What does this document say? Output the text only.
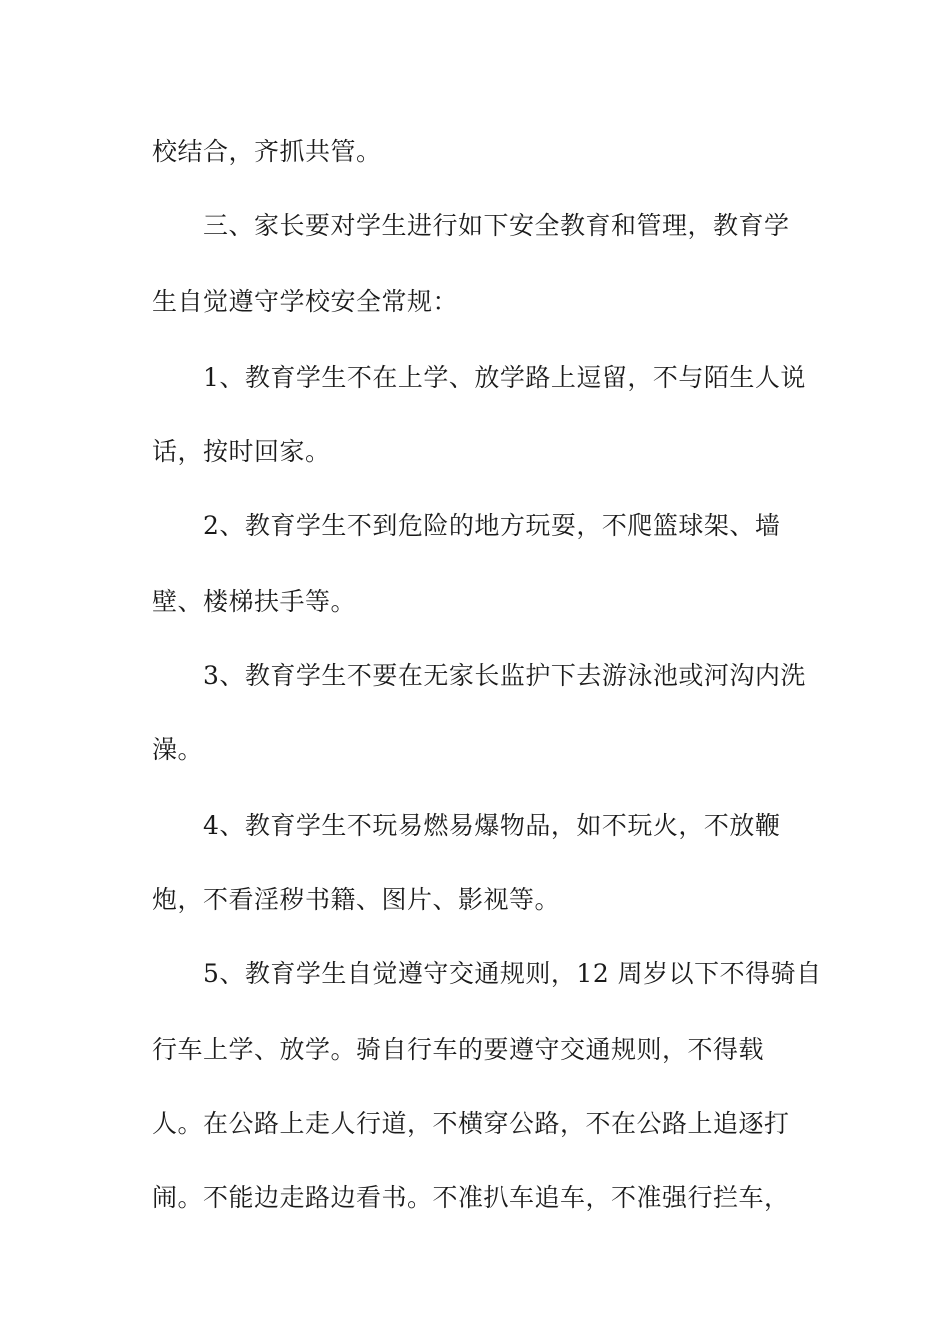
校结合，齐抓共管。
三、家长要对学生进行如下安全教育和管理，教育学
生自觉遵守学校安全常规：
1、教育学生不在上学、放学路上逗留，不与陌生人说
话，按时回家。
2、教育学生不到危险的地方玩耍，不爬篮球架、墙
壁、楼梯扶手等。
3、教育学生不要在无家长监护下去游泳池或河沟内洗
澡。
4、教育学生不玩易燃易爆物品，如不玩火，不放鞭
炮，不看淫秽书籍、图片、影视等。
5、教育学生自觉遵守交通规则，12 周岁以下不得骑自
行车上学、放学。骑自行车的要遵守交通规则，不得载
人。在公路上走人行道，不横穿公路，不在公路上追逐打
闹。不能边走路边看书。不准扒车追车，不准强行拦车，
